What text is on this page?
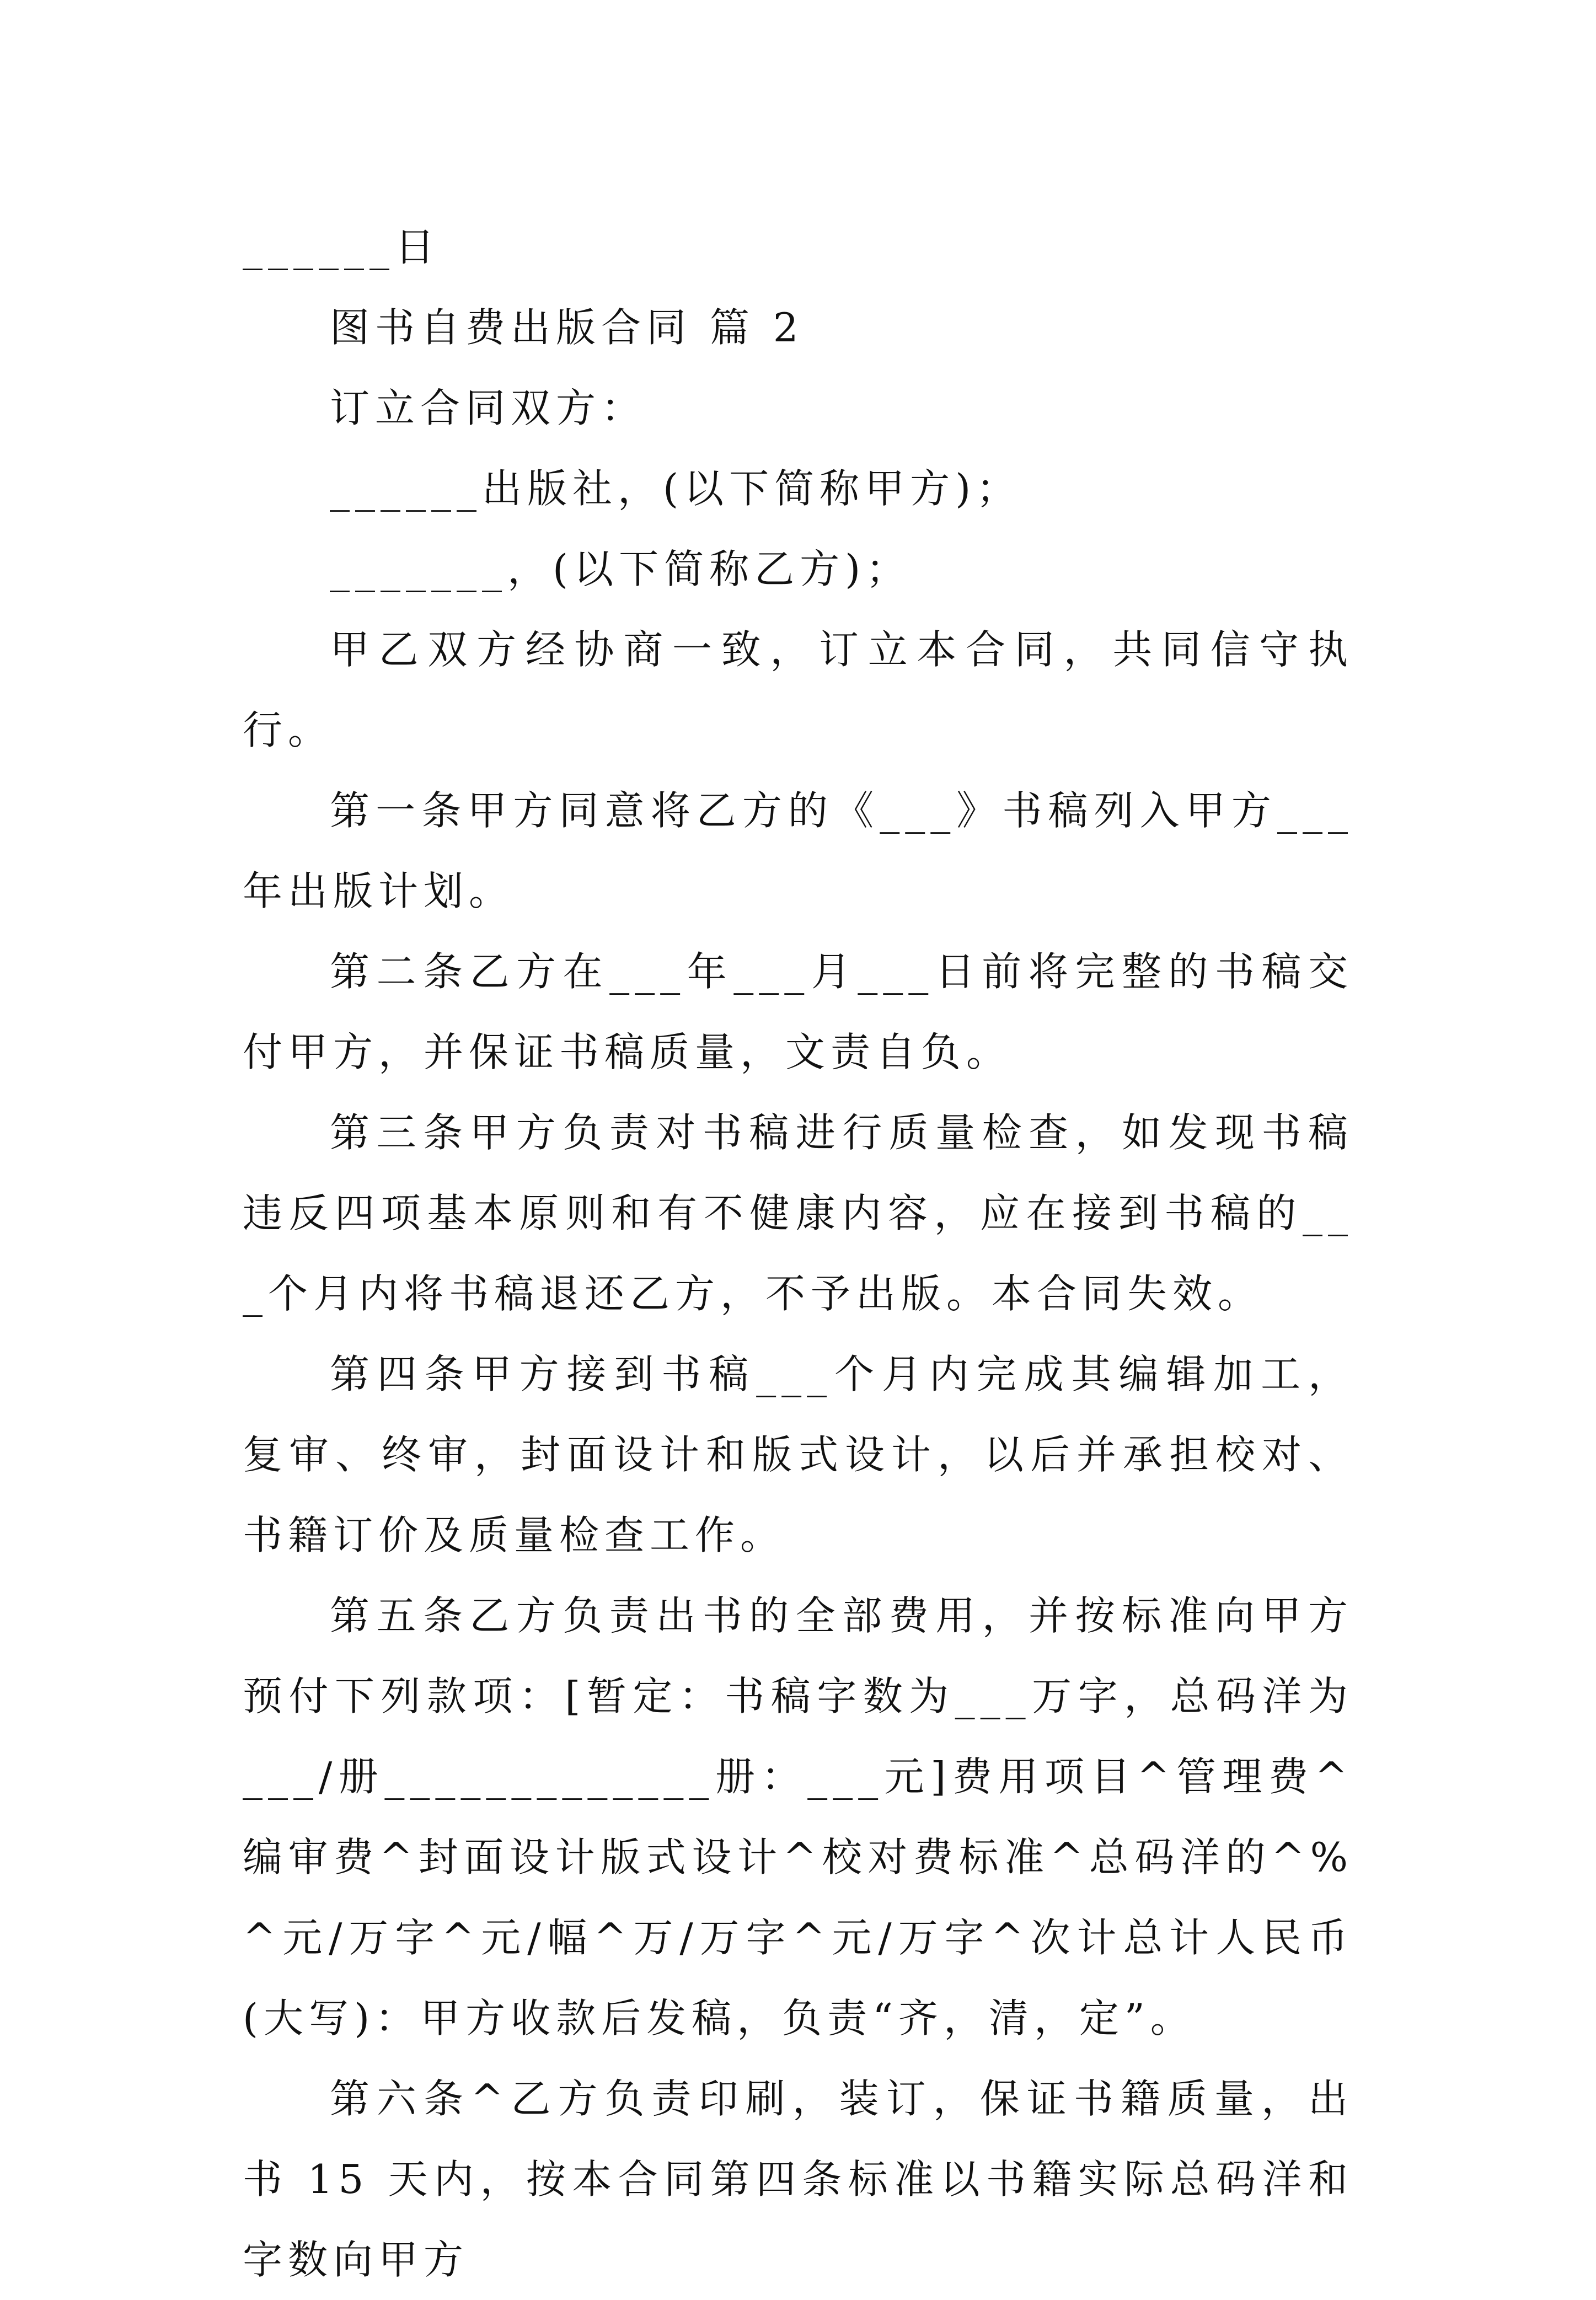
______日

图书自费出版合同 篇 2

订立合同双方：

______出版社，(以下简称甲方)；

_______，(以下简称乙方)；

甲乙双方经协商一致，订立本合同，共同信守执行。

第一条甲方同意将乙方的《___》书稿列入甲方___年出版计划。

第二条乙方在___年___月___日前将完整的书稿交付甲方，并保证书稿质量，文责自负。

第三条甲方负责对书稿进行质量检查，如发现书稿违反四项基本原则和有不健康内容，应在接到书稿的___个月内将书稿退还乙方，不予出版。本合同失效。

第四条甲方接到书稿___个月内完成其编辑加工，复审、终审，封面设计和版式设计，以后并承担校对、书籍订价及质量检查工作。

第五条乙方负责出书的全部费用，并按标准向甲方预付下列款项：[暂定：书稿字数为___万字，总码洋为___/册_____________册：___元]费用项目^管理费^编审费^封面设计版式设计^校对费标准^总码洋的^%^元/万字^元/幅^万/万字^元/万字^次计总计人民币(大写)：甲方收款后发稿，负责“齐，清，定”。

第六条^乙方负责印刷，装订，保证书籍质量，出书 15 天内，按本合同第四条标准以书籍实际总码洋和字数向甲方
